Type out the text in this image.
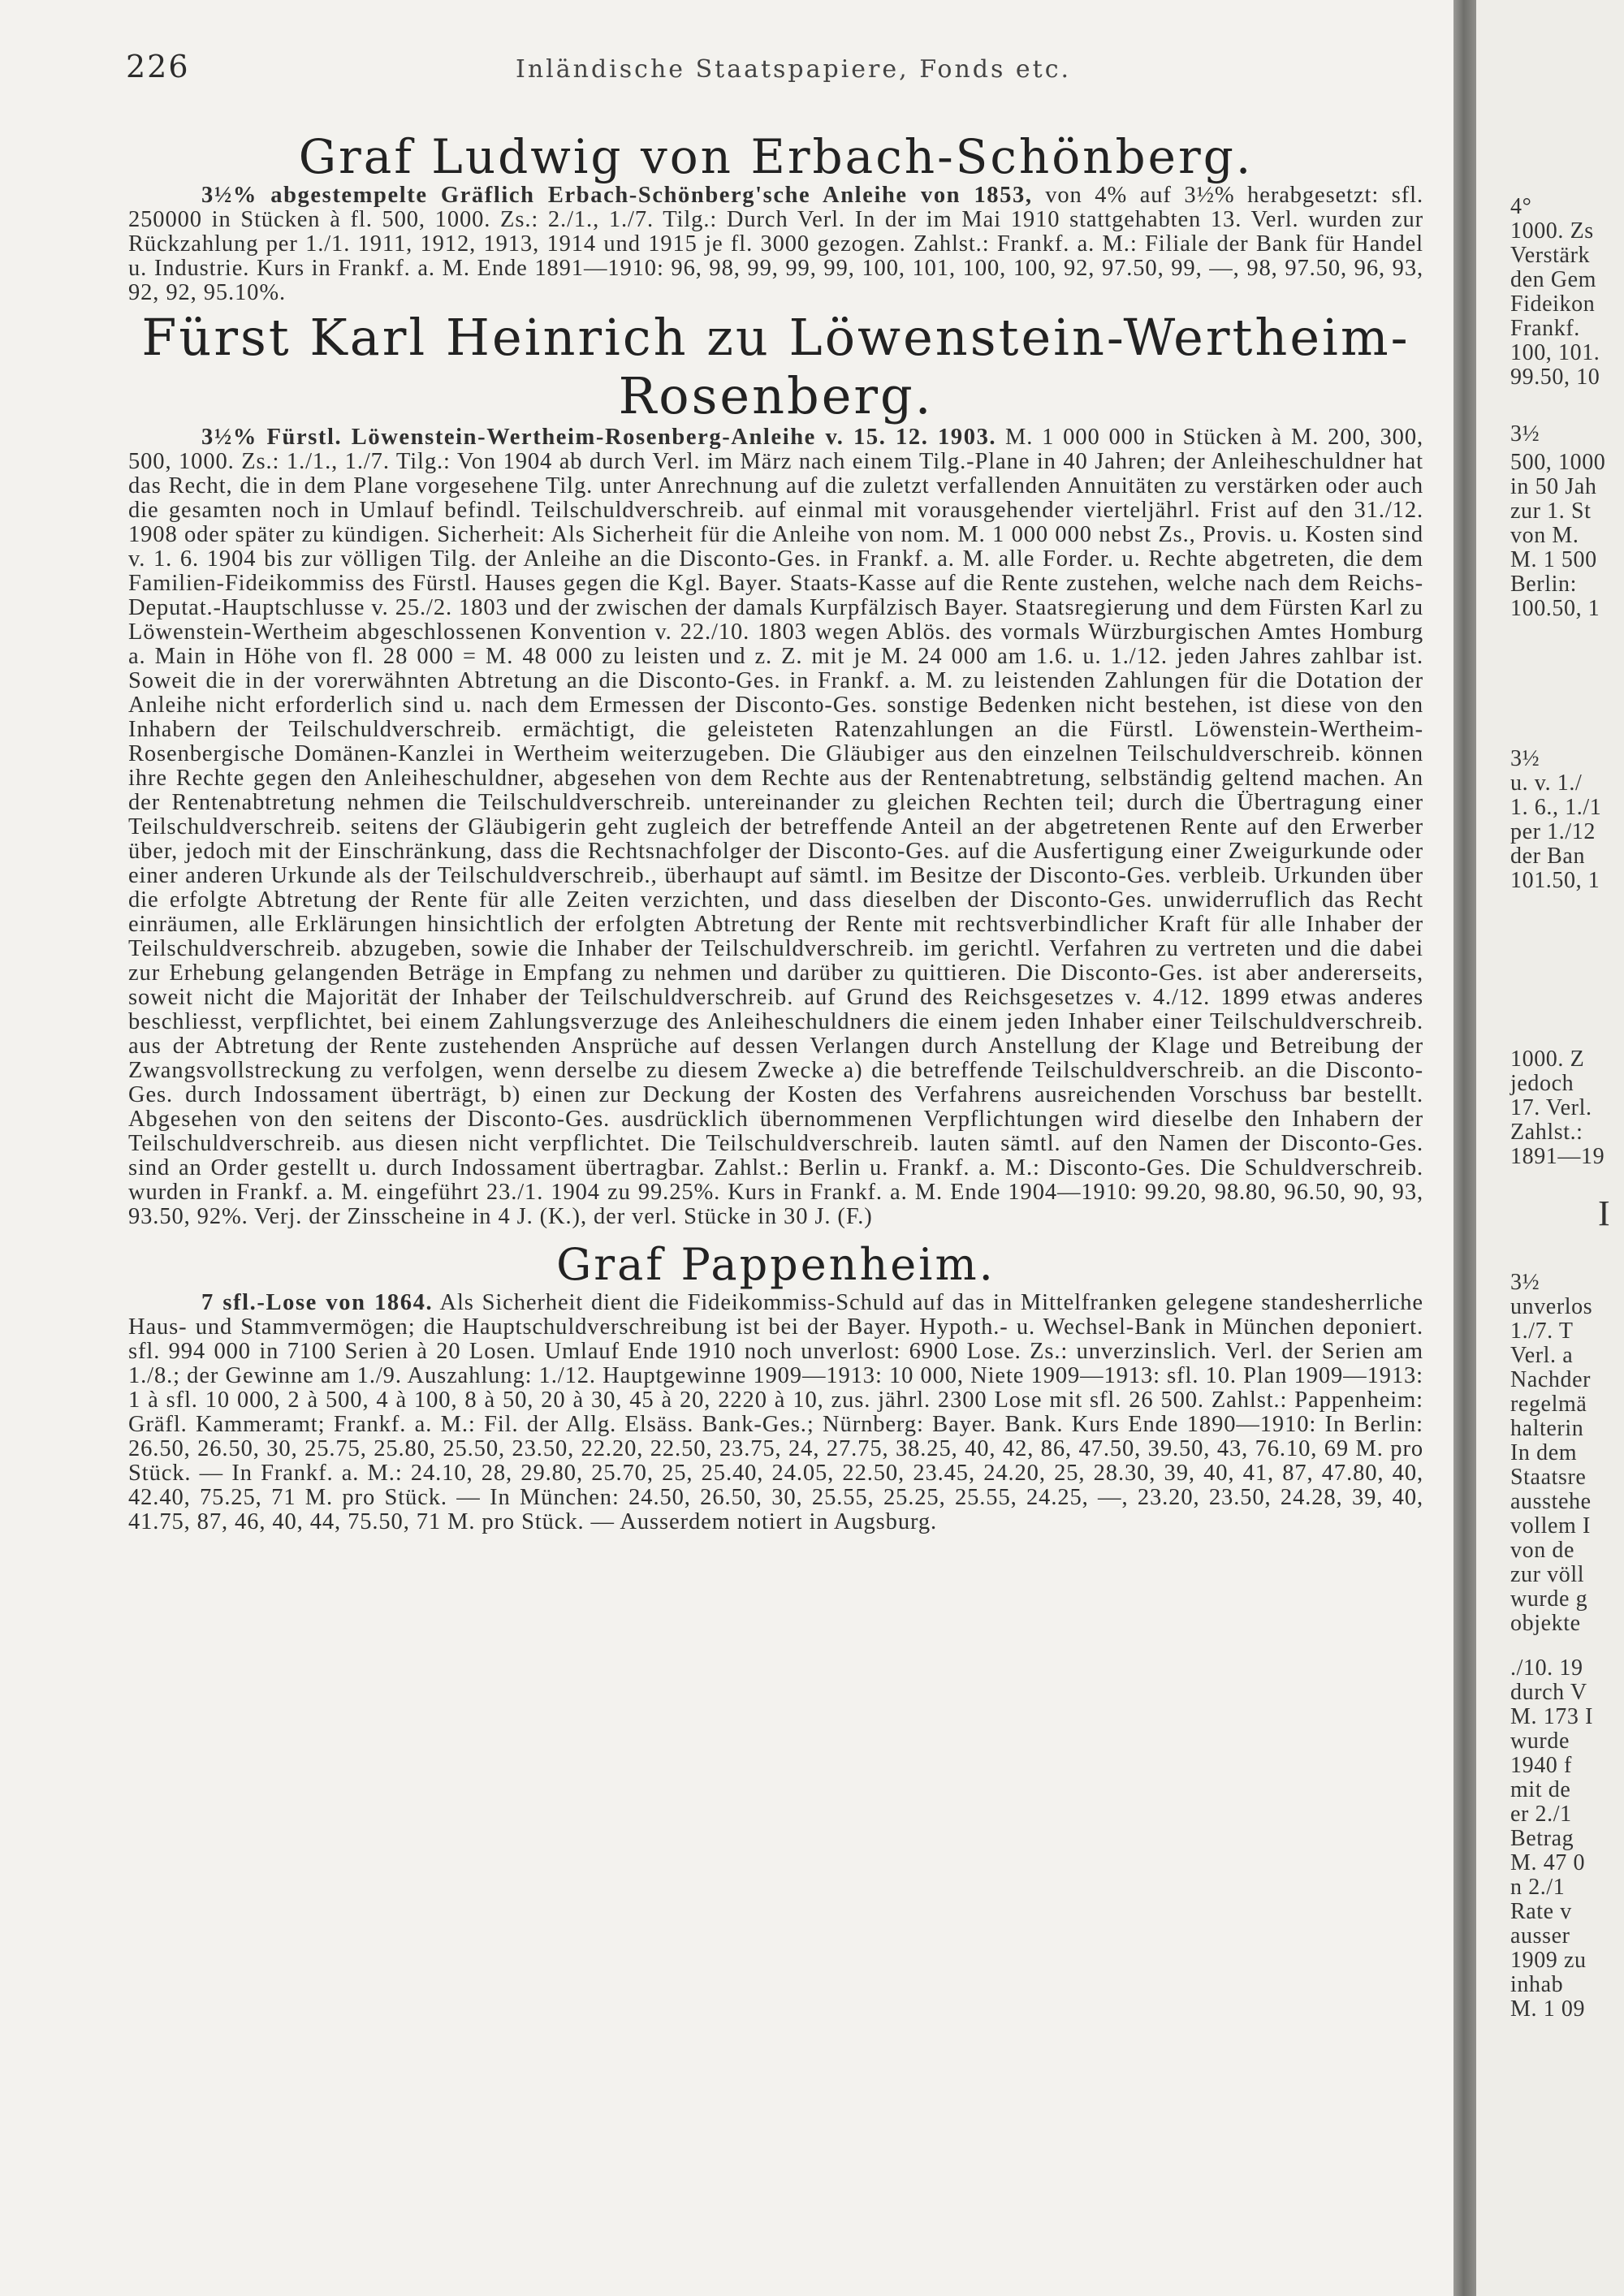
226	Inländische Staatspapiere, Fonds etc.
Graf Ludwig von Erbach-Schönberg.

3½% abgestempelte Gräflich Erbach-Schönberg'sche Anleihe von 1853, von 4% auf 3½% herabgesetzt: sfl. 250000 in Stücken à fl. 500, 1000. Zs.: 2./1., 1./7. Tilg.: Durch Verl. In der im Mai 1910 stattgehabten 13. Verl. wurden zur Rückzahlung per 1./1. 1911, 1912, 1913, 1914 und 1915 je fl. 3000 gezogen. Zahlst.: Frankf. a. M.: Filiale der Bank für Handel u. Industrie. Kurs in Frankf. a. M. Ende 1891—1910: 96, 98, 99, 99, 99, 100, 101, 100, 100, 92, 97.50, 99, —, 98, 97.50, 96, 93, 92, 92, 95.10%.

Fürst Karl Heinrich zu Löwenstein-Wertheim-Rosenberg.

3½% Fürstl. Löwenstein-Wertheim-Rosenberg-Anleihe v. 15. 12. 1903. M. 1 000 000 in Stücken à M. 200, 300, 500, 1000. Zs.: 1./1., 1./7. Tilg.: Von 1904 ab durch Verl. im März nach einem Tilg.-Plane in 40 Jahren; der Anleiheschuldner hat das Recht, die in dem Plane vorgesehene Tilg. unter Anrechnung auf die zuletzt verfallenden Annuitäten zu verstärken oder auch die gesamten noch in Umlauf befindl. Teilschuldverschreib. auf einmal mit vorausgehender vierteljährl. Frist auf den 31./12. 1908 oder später zu kündigen. Sicherheit: Als Sicherheit für die Anleihe von nom. M. 1 000 000 nebst Zs., Provis. u. Kosten sind v. 1. 6. 1904 bis zur völligen Tilg. der Anleihe an die Disconto-Ges. in Frankf. a. M. alle Forder. u. Rechte abgetreten, die dem Familien-Fideikommiss des Fürstl. Hauses gegen die Kgl. Bayer. Staats-Kasse auf die Rente zustehen, welche nach dem Reichs-Deputat.-Hauptschlusse v. 25./2. 1803 und der zwischen der damals Kurpfälzisch Bayer. Staatsregierung und dem Fürsten Karl zu Löwenstein-Wertheim abgeschlossenen Konvention v. 22./10. 1803 wegen Ablös. des vormals Würzburgischen Amtes Homburg a. Main in Höhe von fl. 28 000 = M. 48 000 zu leisten und z. Z. mit je M. 24 000 am 1.6. u. 1./12. jeden Jahres zahlbar ist. Soweit die in der vorerwähnten Abtretung an die Disconto-Ges. in Frankf. a. M. zu leistenden Zahlungen für die Dotation der Anleihe nicht erforderlich sind u. nach dem Ermessen der Disconto-Ges. sonstige Bedenken nicht bestehen, ist diese von den Inhabern der Teilschuldverschreib. ermächtigt, die geleisteten Ratenzahlungen an die Fürstl. Löwenstein-Wertheim-Rosenbergische Domänen-Kanzlei in Wertheim weiterzugeben. Die Gläubiger aus den einzelnen Teilschuldverschreib. können ihre Rechte gegen den Anleiheschuldner, abgesehen von dem Rechte aus der Rentenabtretung, selbständig geltend machen. An der Rentenabtretung nehmen die Teilschuldverschreib. untereinander zu gleichen Rechten teil; durch die Übertragung einer Teilschuldverschreib. seitens der Gläubigerin geht zugleich der betreffende Anteil an der abgetretenen Rente auf den Erwerber über, jedoch mit der Einschränkung, dass die Rechtsnachfolger der Disconto-Ges. auf die Ausfertigung einer Zweigurkunde oder einer anderen Urkunde als der Teilschuldverschreib., überhaupt auf sämtl. im Besitze der Disconto-Ges. verbleib. Urkunden über die erfolgte Abtretung der Rente für alle Zeiten verzichten, und dass dieselben der Disconto-Ges. unwiderruflich das Recht einräumen, alle Erklärungen hinsichtlich der erfolgten Abtretung der Rente mit rechtsverbindlicher Kraft für alle Inhaber der Teilschuldverschreib. abzugeben, sowie die Inhaber der Teilschuldverschreib. im gerichtl. Verfahren zu vertreten und die dabei zur Erhebung gelangenden Beträge in Empfang zu nehmen und darüber zu quittieren. Die Disconto-Ges. ist aber andererseits, soweit nicht die Majorität der Inhaber der Teilschuldverschreib. auf Grund des Reichsgesetzes v. 4./12. 1899 etwas anderes beschliesst, verpflichtet, bei einem Zahlungsverzuge des Anleiheschuldners die einem jeden Inhaber einer Teilschuldverschreib. aus der Abtretung der Rente zustehenden Ansprüche auf dessen Verlangen durch Anstellung der Klage und Betreibung der Zwangsvollstreckung zu verfolgen, wenn derselbe zu diesem Zwecke a) die betreffende Teilschuldverschreib. an die Disconto-Ges. durch Indossament überträgt, b) einen zur Deckung der Kosten des Verfahrens ausreichenden Vorschuss bar bestellt. Abgesehen von den seitens der Disconto-Ges. ausdrücklich übernommenen Verpflichtungen wird dieselbe den Inhabern der Teilschuldverschreib. aus diesen nicht verpflichtet. Die Teilschuldverschreib. lauten sämtl. auf den Namen der Disconto-Ges. sind an Order gestellt u. durch Indossament übertragbar. Zahlst.: Berlin u. Frankf. a. M.: Disconto-Ges. Die Schuldverschreib. wurden in Frankf. a. M. eingeführt 23./1. 1904 zu 99.25%. Kurs in Frankf. a. M. Ende 1904—1910: 99.20, 98.80, 96.50, 90, 93, 93.50, 92%. Verj. der Zinsscheine in 4 J. (K.), der verl. Stücke in 30 J. (F.)

Graf Pappenheim.

7 sfl.-Lose von 1864. Als Sicherheit dient die Fideikommiss-Schuld auf das in Mittelfranken gelegene standesherrliche Haus- und Stammvermögen; die Hauptschuldverschreibung ist bei der Bayer. Hypoth.- u. Wechsel-Bank in München deponiert. sfl. 994 000 in 7100 Serien à 20 Losen. Umlauf Ende 1910 noch unverlost: 6900 Lose. Zs.: unverzinslich. Verl. der Serien am 1./8.; der Gewinne am 1./9. Auszahlung: 1./12. Hauptgewinne 1909—1913: 10 000, Niete 1909—1913: sfl. 10. Plan 1909—1913: 1 à sfl. 10 000, 2 à 500, 4 à 100, 8 à 50, 20 à 30, 45 à 20, 2220 à 10, zus. jährl. 2300 Lose mit sfl. 26 500. Zahlst.: Pappenheim: Gräfl. Kammeramt; Frankf. a. M.: Fil. der Allg. Elsäss. Bank-Ges.; Nürnberg: Bayer. Bank. Kurs Ende 1890—1910: In Berlin: 26.50, 26.50, 30, 25.75, 25.80, 25.50, 23.50, 22.20, 22.50, 23.75, 24, 27.75, 38.25, 40, 42, 86, 47.50, 39.50, 43, 76.10, 69 M. pro Stück. — In Frankf. a. M.: 24.10, 28, 29.80, 25.70, 25, 25.40, 24.05, 22.50, 23.45, 24.20, 25, 28.30, 39, 40, 41, 87, 47.80, 40, 42.40, 75.25, 71 M. pro Stück. — In München: 24.50, 26.50, 30, 25.55, 25.25, 25.55, 24.25, —, 23.20, 23.50, 24.28, 39, 40, 41.75, 87, 46, 40, 44, 75.50, 71 M. pro Stück. — Ausserdem notiert in Augsburg.

4°
1000. Zs
Verstärk
den Gem
Fideikon
Frankf.
100, 101.
99.50, 10
3½
500, 1000
in 50 Jah
zur 1. St
von M.
M. 1 500
Berlin:
100.50, 1
3½
u. v. 1./
1. 6., 1./1
per 1./12
der Ban
101.50, 1
1000. Z
jedoch
17. Verl.
Zahlst.:
1891—19
I
3½
unverlos
1./7. T
Verl. a
Nachder
regelmä
halterin
In dem
Staatsre
ausstehe
vollem I
von de
zur völl
wurde g
objekte
./10. 19
durch V
M. 173 I
wurde
1940 f
mit de
er 2./1
Betrag
M. 47 0
n 2./1
Rate v
ausser
1909 zu
inhab
M. 1 09
